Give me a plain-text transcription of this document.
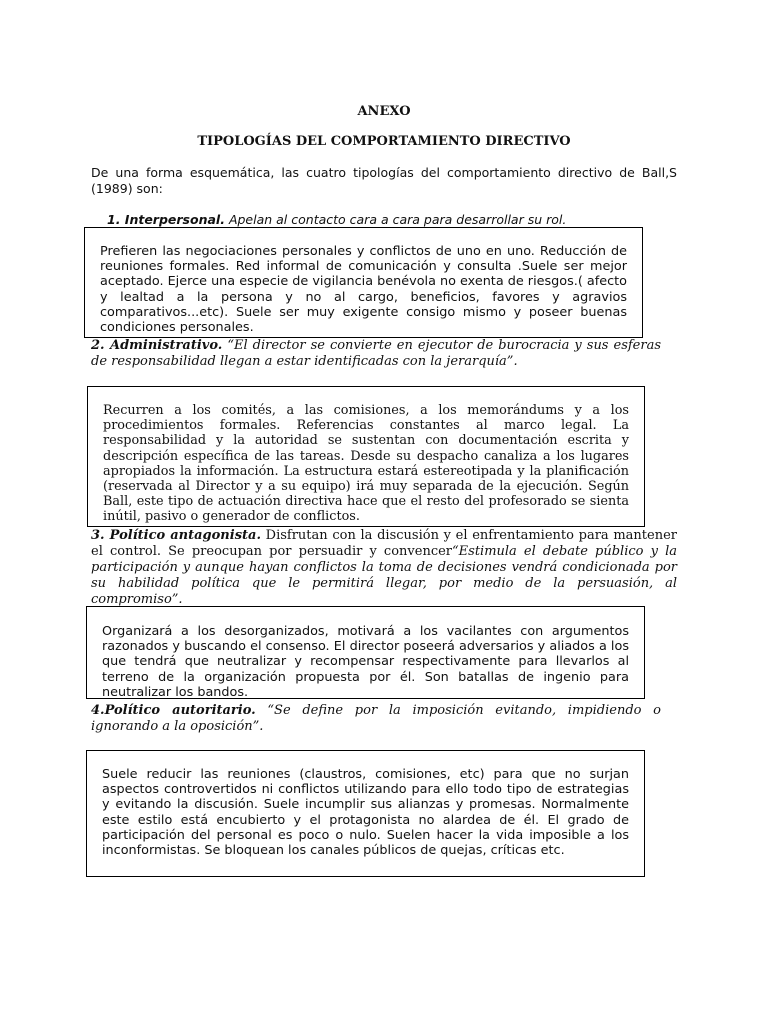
ANEXO
TIPOLOGÍAS DEL COMPORTAMIENTO DIRECTIVO
De una forma esquemática, las cuatro tipologías del comportamiento directivo de Ball,S (1989) son:
1. Interpersonal. Apelan al contacto cara a cara para desarrollar su rol.

Prefieren las negociaciones personales y conflictos de uno en uno. Reducción de reuniones formales. Red informal de comunicación y consulta .Suele ser mejor aceptado. Ejerce una especie de vigilancia benévola no exenta de riesgos.( afecto y lealtad a la persona y no al cargo, beneficios, favores y agravios comparativos...etc). Suele ser muy exigente consigo mismo y poseer buenas condiciones personales.

2. Administrativo. “El director se convierte en ejecutor de burocracia y sus esferas de responsabilidad llegan a estar identificadas con la jerarquía”.

Recurren a los comités, a las comisiones, a los memorándums y a los procedimientos formales. Referencias constantes al marco legal. La responsabilidad y la autoridad se sustentan con documentación escrita y descripción específica de las tareas. Desde su despacho canaliza a los lugares apropiados la información. La estructura estará estereotipada y la planificación (reservada al Director y a su equipo) irá muy separada de la ejecución. Según Ball, este tipo de actuación directiva hace que el resto del profesorado se sienta inútil, pasivo o generador de conflictos.

3. Político antagonista. Disfrutan con la discusión y el enfrentamiento para mantener el control. Se preocupan por persuadir y convencer“Estimula el debate público y la participación y aunque hayan conflictos la toma de decisiones vendrá condicionada por su habilidad política que le permitirá llegar, por medio de la persuasión, al compromiso”.

Organizará a los desorganizados, motivará a los vacilantes con argumentos razonados y buscando el consenso. El director poseerá adversarios y aliados a los que tendrá que neutralizar y recompensar respectivamente para llevarlos al terreno de la organización propuesta por él. Son batallas de ingenio para neutralizar los bandos.

4.Político autoritario. “Se define por la imposición evitando, impidiendo o ignorando a la oposición”.

Suele reducir las reuniones (claustros, comisiones, etc) para que no surjan aspectos controvertidos ni conflictos utilizando para ello todo tipo de estrategias y evitando la discusión. Suele incumplir sus alianzas y promesas. Normalmente este estilo está encubierto y el protagonista no alardea de él. El grado de participación del personal es poco o nulo. Suelen hacer la vida imposible a los inconformistas. Se bloquean los canales públicos de quejas, críticas etc.
